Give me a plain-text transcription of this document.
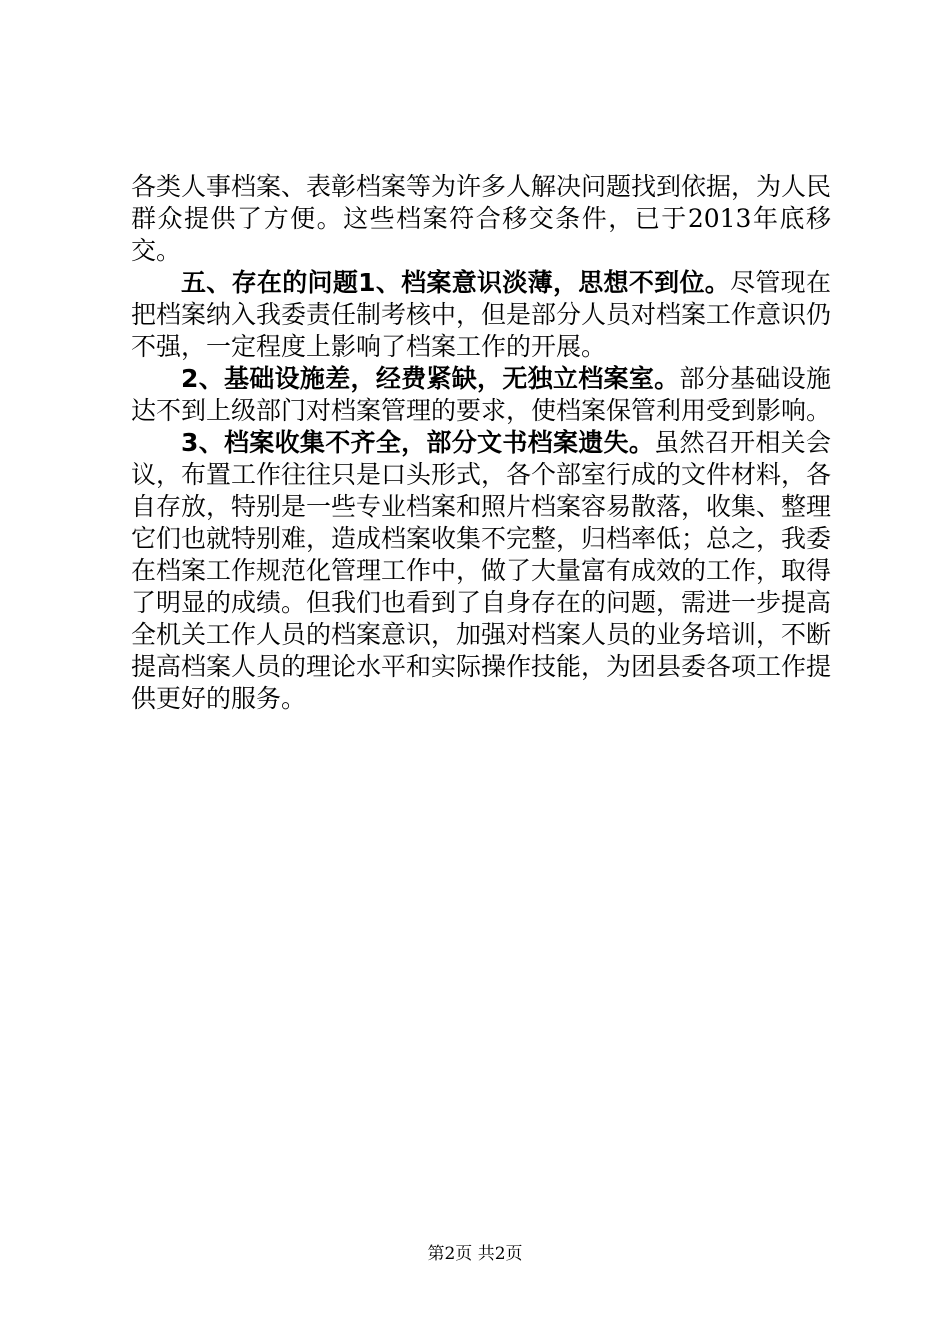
各类人事档案、表彰档案等为许多人解决问题找到依据，为人民群众提供了方便。这些档案符合移交条件，已于2013年底移交。

五、存在的问题1、档案意识淡薄，思想不到位。尽管现在把档案纳入我委责任制考核中，但是部分人员对档案工作意识仍不强，一定程度上影响了档案工作的开展。

2、基础设施差，经费紧缺，无独立档案室。部分基础设施达不到上级部门对档案管理的要求，使档案保管利用受到影响。

3、档案收集不齐全，部分文书档案遗失。虽然召开相关会议，布置工作往往只是口头形式，各个部室行成的文件材料，各自存放，特别是一些专业档案和照片档案容易散落，收集、整理它们也就特别难，造成档案收集不完整，归档率低；总之，我委在档案工作规范化管理工作中，做了大量富有成效的工作，取得了明显的成绩。但我们也看到了自身存在的问题，需进一步提高全机关工作人员的档案意识，加强对档案人员的业务培训，不断提高档案人员的理论水平和实际操作技能，为团县委各项工作提供更好的服务。

第2页 共2页
